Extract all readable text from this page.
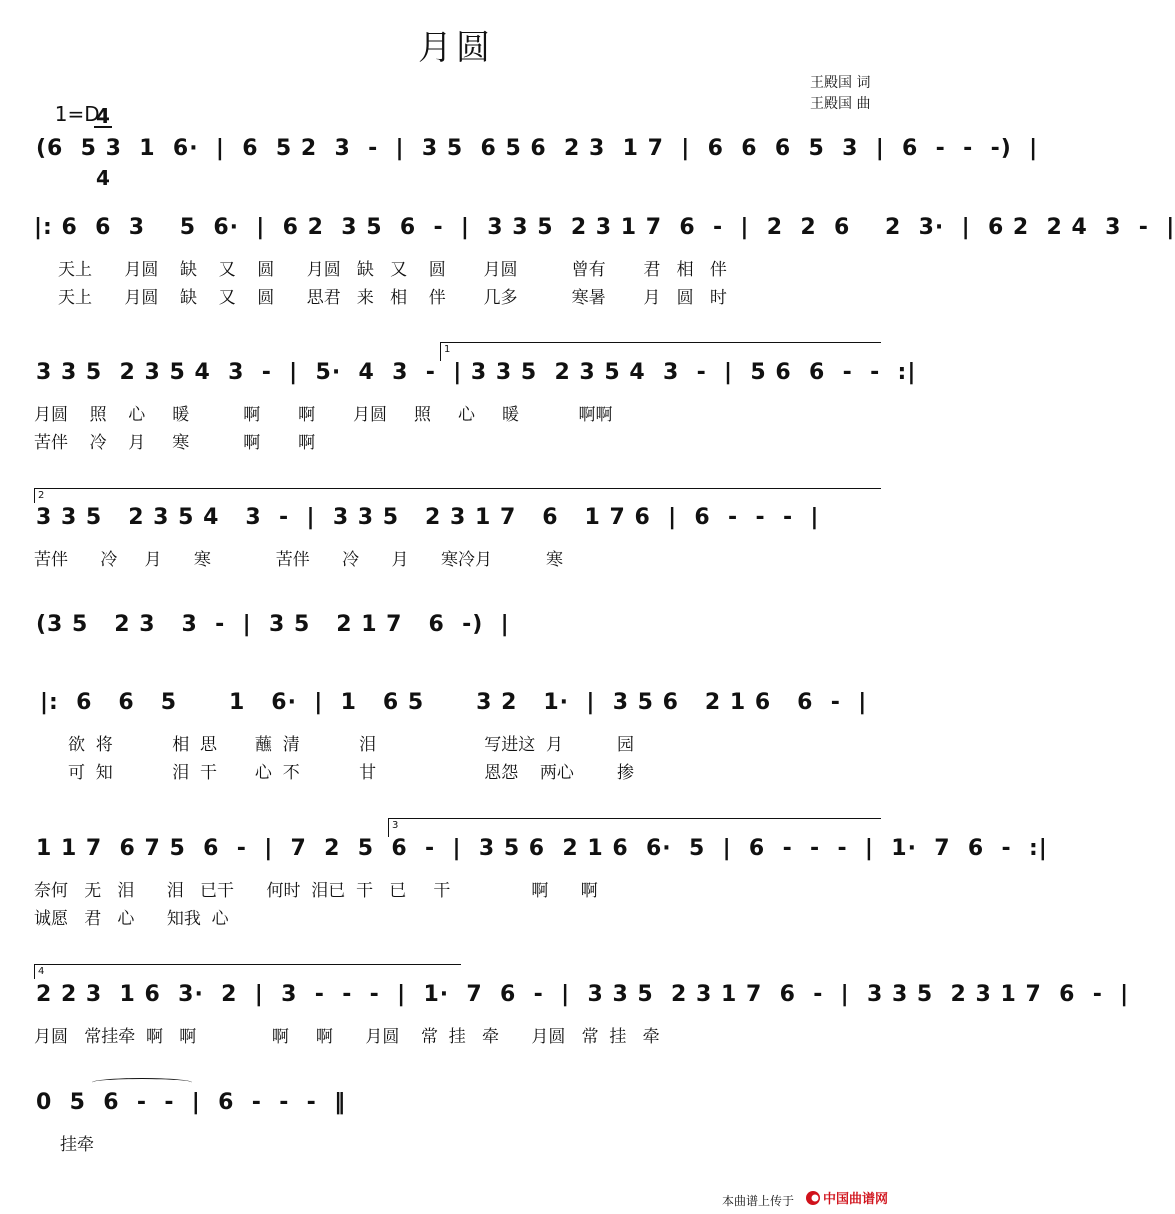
月圆

1=D

4

4

王殿国 词
王殿国 曲
(6  5 3  1  6·  |  6  5 2  3  -  |  3 5  6 5 6  2 3  1 7  |  6  6  6  5  3  |  6  -  -  -)  |
|: 6  6  3    5  6·  |  6 2  3 5  6  -  |  3 3 5  2 3 1 7  6  -  |  2  2  6    2  3·  |  6 2  2 4  3  -  |
天上      月圆    缺    又    圆      月圆   缺   又    圆       月圆          曾有       君   相   伴
天上      月圆    缺    又    圆      思君   来   相    伴       几多          寒暑       月   圆   时
1
3 3 5  2 3 5 4  3  -  |  5·  4  3  -  | 3 3 5  2 3 5 4  3  -  |  5 6  6  -  -  :|
月圆    照    心     暖          啊       啊       月圆     照     心     暖           啊啊
苦伴    冷    月     寒          啊       啊
2
3 3 5   2 3 5 4   3  -  |  3 3 5   2 3 1 7   6   1 7 6  |  6  -  -  -  |
苦伴      冷     月      寒            苦伴      冷      月      寒冷月          寒
(3 5   2 3   3  -  |  3 5   2 1 7   6  -)  |
|:  6   6   5      1   6·  |  1   6 5      3 2   1·  |  3 5 6   2 1 6   6  -  |
欲  将           相  思       蘸  清           泪                    写进这  月          园
可  知           泪  干       心  不           甘                    恩怨    两心        掺
3
1 1 7  6 7 5  6  -  |  7  2  5  6  -  |  3 5 6  2 1 6  6·  5  |  6  -  -  -  |  1·  7  6  -  :|
奈何   无   泪      泪   已干      何时  泪已  干   已     干               啊      啊
诚愿   君   心      知我  心
4
2 2 3  1 6  3·  2  |  3  -  -  -  |  1·  7  6  -  |  3 3 5  2 3 1 7  6  -  |  3 3 5  2 3 1 7  6  -  |
月圆   常挂牵  啊   啊              啊     啊      月圆    常  挂   牵      月圆   常  挂   牵
0  5  6  -  -  |  6  -  -  -  ‖
挂牵
本曲谱上传于 中国曲谱网
